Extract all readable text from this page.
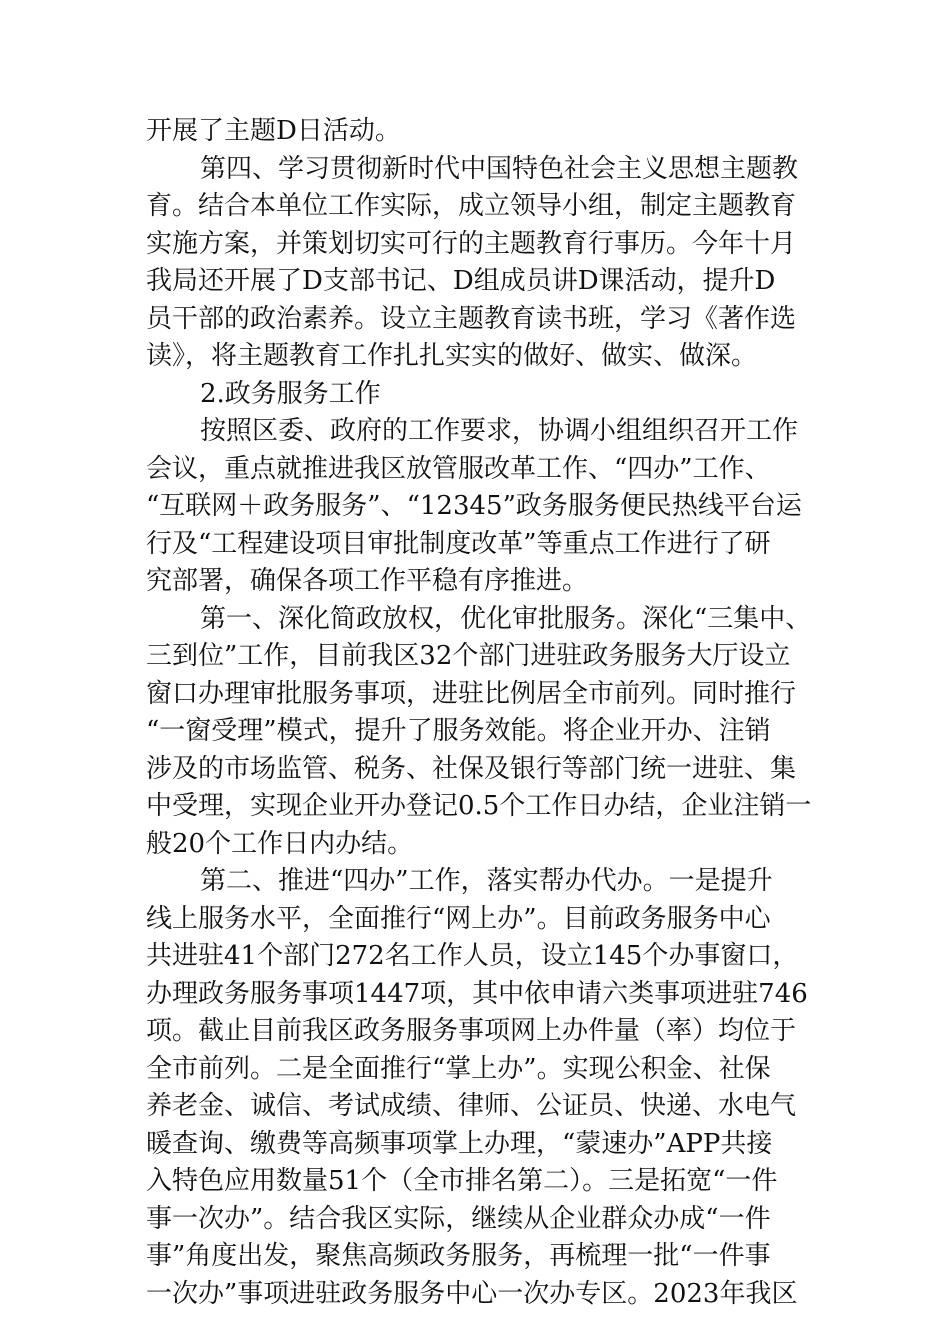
开展了主题D日活动。
第四、学习贯彻新时代中国特色社会主义思想主题教
育。结合本单位工作实际，成立领导小组，制定主题教育
实施方案，并策划切实可行的主题教育行事历。今年十月
我局还开展了D支部书记、D组成员讲D课活动，提升D
员干部的政治素养。设立主题教育读书班，学习《著作选
读》，将主题教育工作扎扎实实的做好、做实、做深。
2.政务服务工作
按照区委、政府的工作要求，协调小组组织召开工作
会议，重点就推进我区放管服改革工作、“四办”工作、
“互联网＋政务服务”、“12345”政务服务便民热线平台运
行及“工程建设项目审批制度改革”等重点工作进行了研
究部署，确保各项工作平稳有序推进。
第一、深化简政放权，优化审批服务。深化“三集中、
三到位”工作，目前我区32个部门进驻政务服务大厅设立
窗口办理审批服务事项，进驻比例居全市前列。同时推行
“一窗受理”模式，提升了服务效能。将企业开办、注销
涉及的市场监管、税务、社保及银行等部门统一进驻、集
中受理，实现企业开办登记0.5个工作日办结，企业注销一
般20个工作日内办结。
第二、推进“四办”工作，落实帮办代办。一是提升
线上服务水平，全面推行“网上办”。目前政务服务中心
共进驻41个部门272名工作人员，设立145个办事窗口，
办理政务服务事项1447项，其中依申请六类事项进驻746
项。截止目前我区政务服务事项网上办件量（率）均位于
全市前列。二是全面推行“掌上办”。实现公积金、社保
养老金、诚信、考试成绩、律师、公证员、快递、水电气
暖查询、缴费等高频事项掌上办理，“蒙速办”APP共接
入特色应用数量51个（全市排名第二）。三是拓宽“一件
事一次办”。结合我区实际，继续从企业群众办成“一件
事”角度出发，聚焦高频政务服务，再梳理一批“一件事
一次办”事项进驻政务服务中心一次办专区。2023年我区
